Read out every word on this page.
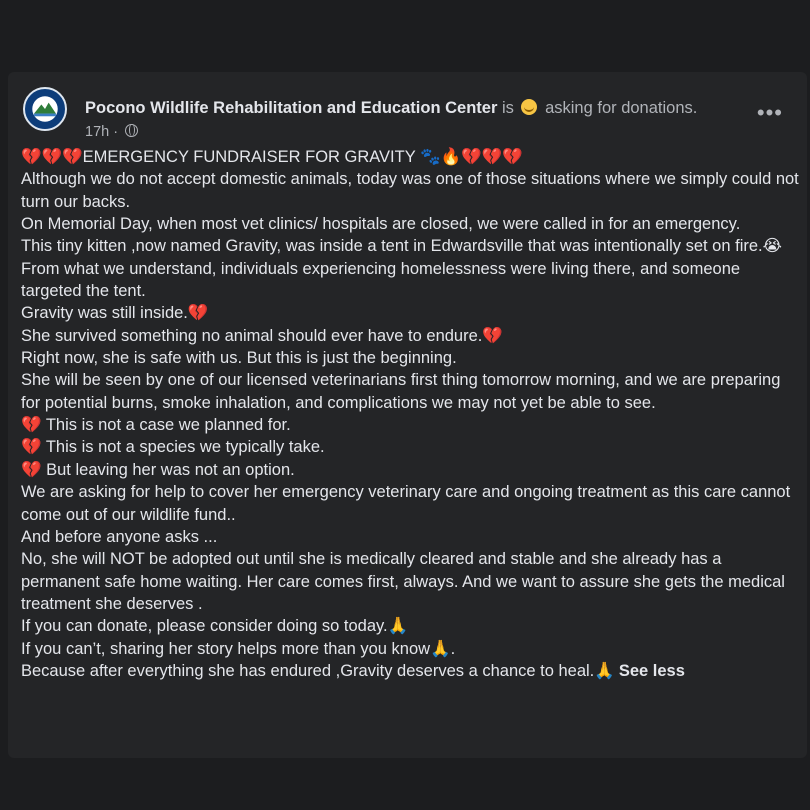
Pocono Wildlife Rehabilitation and Education Center is asking for donations.
17h ·
•••

💔💔💔EMERGENCY FUNDRAISER FOR GRAVITY 🐾🔥💔💔💔

Although we do not accept domestic animals, today was one of those situations where we simply could not turn our backs.

On Memorial Day, when most vet clinics/ hospitals are closed, we were called in for an emergency.

This tiny kitten ,now named Gravity, was inside a tent in Edwardsville that was intentionally set on fire.😭

From what we understand, individuals experiencing homelessness were living there, and someone targeted the tent.

Gravity was still inside.💔

She survived something no animal should ever have to endure.💔

Right now, she is safe with us. But this is just the beginning.

She will be seen by one of our licensed veterinarians first thing tomorrow morning, and we are preparing for potential burns, smoke inhalation, and complications we may not yet be able to see.

💔 This is not a case we planned for.

💔 This is not a species we typically take.

💔 But leaving her was not an option.

We are asking for help to cover her emergency veterinary care and ongoing treatment as this care cannot come out of our wildlife fund..

And before anyone asks ...

No, she will NOT be adopted out until she is medically cleared and stable and she already has a permanent safe home waiting. Her care comes first, always. And we want to assure she gets the medical treatment she deserves .

If you can donate, please consider doing so today.🙏

If you can’t, sharing her story helps more than you know🙏.

Because after everything she has endured ,Gravity deserves a chance to heal.🙏 See less
